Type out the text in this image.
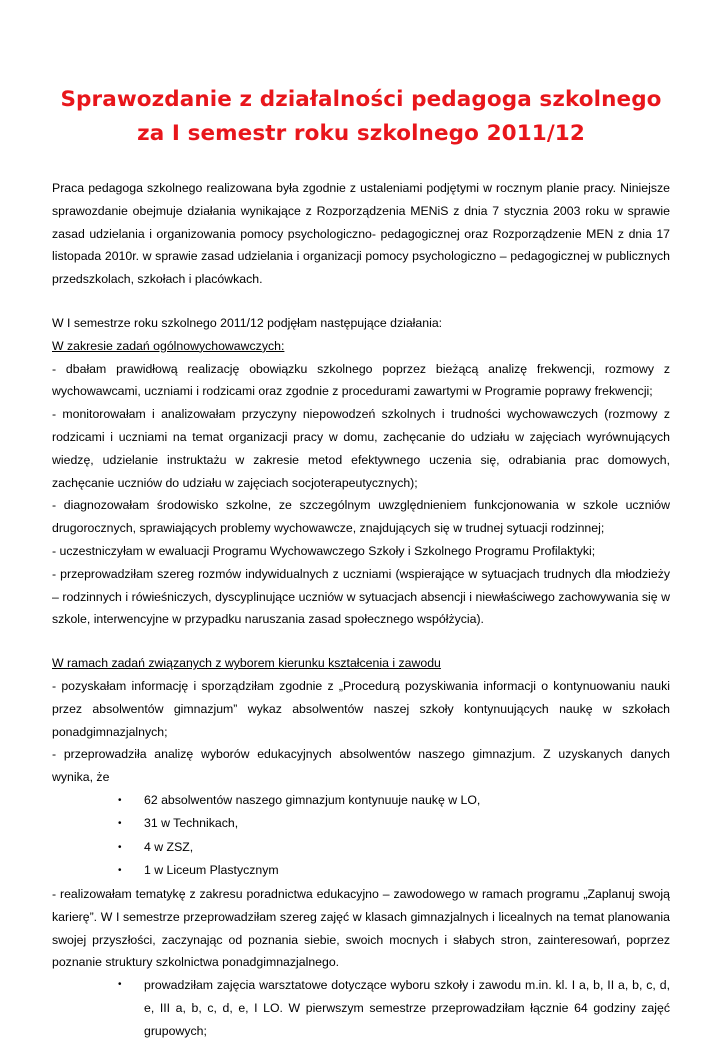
Sprawozdanie z działalności pedagoga szkolnego
za I semestr roku szkolnego 2011/12

Praca pedagoga szkolnego realizowana była zgodnie z ustaleniami podjętymi w rocznym planie pracy. Niniejsze sprawozdanie obejmuje działania wynikające z Rozporządzenia MENiS z dnia 7 stycznia 2003 roku w sprawie zasad udzielania i organizowania pomocy psychologiczno- pedagogicznej oraz Rozporządzenie MEN z dnia 17 listopada 2010r. w sprawie zasad udzielania i organizacji pomocy psychologiczno – pedagogicznej w publicznych przedszkolach, szkołach i placówkach.

W I semestrze roku szkolnego 2011/12 podjęłam następujące działania:

W zakresie zadań ogólnowychowawczych:

- dbałam prawidłową realizację obowiązku szkolnego poprzez bieżącą analizę frekwencji, rozmowy z wychowawcami, uczniami i rodzicami oraz zgodnie z procedurami zawartymi w Programie poprawy frekwencji;

- monitorowałam i analizowałam przyczyny niepowodzeń szkolnych i trudności wychowawczych (rozmowy z rodzicami i uczniami na temat organizacji pracy w domu, zachęcanie do udziału w zajęciach wyrównujących wiedzę, udzielanie instruktażu w zakresie metod efektywnego uczenia się, odrabiania prac domowych, zachęcanie uczniów do udziału w zajęciach socjoterapeutycznych);

- diagnozowałam środowisko szkolne, ze szczególnym uwzględnieniem funkcjonowania w szkole uczniów drugorocznych, sprawiających problemy wychowawcze, znajdujących się w trudnej sytuacji rodzinnej;

- uczestniczyłam w ewaluacji Programu Wychowawczego Szkoły i Szkolnego Programu Profilaktyki;

- przeprowadziłam szereg rozmów indywidualnych z uczniami (wspierające w sytuacjach trudnych dla młodzieży – rodzinnych i rówieśniczych, dyscyplinujące uczniów w sytuacjach absencji i niewłaściwego zachowywania się w szkole, interwencyjne w przypadku naruszania zasad społecznego współżycia).

W ramach zadań związanych z wyborem kierunku kształcenia i zawodu

- pozyskałam informację i sporządziłam zgodnie z „Procedurą pozyskiwania informacji o kontynuowaniu nauki przez absolwentów gimnazjum” wykaz absolwentów naszej szkoły kontynuujących naukę w szkołach ponadgimnazjalnych;

- przeprowadziła analizę wyborów edukacyjnych absolwentów naszego gimnazjum. Z uzyskanych danych wynika, że

• 62 absolwentów naszego gimnazjum kontynuuje naukę w LO,
• 31 w Technikach,
• 4 w ZSZ,
• 1 w Liceum Plastycznym

- realizowałam tematykę z zakresu poradnictwa edukacyjno – zawodowego w ramach programu „Zaplanuj swoją karierę”. W I semestrze przeprowadziłam szereg zajęć w klasach gimnazjalnych i licealnych na temat planowania swojej przyszłości, zaczynając od poznania siebie, swoich mocnych i słabych stron, zainteresowań, poprzez poznanie struktury szkolnictwa ponadgimnazjalnego.

• prowadziłam zajęcia warsztatowe dotyczące wyboru szkoły i zawodu m.in. kl. I a, b, II a, b, c, d, e, III a, b, c, d, e, I LO. W pierwszym semestrze przeprowadziłam łącznie 64 godziny zajęć grupowych;
